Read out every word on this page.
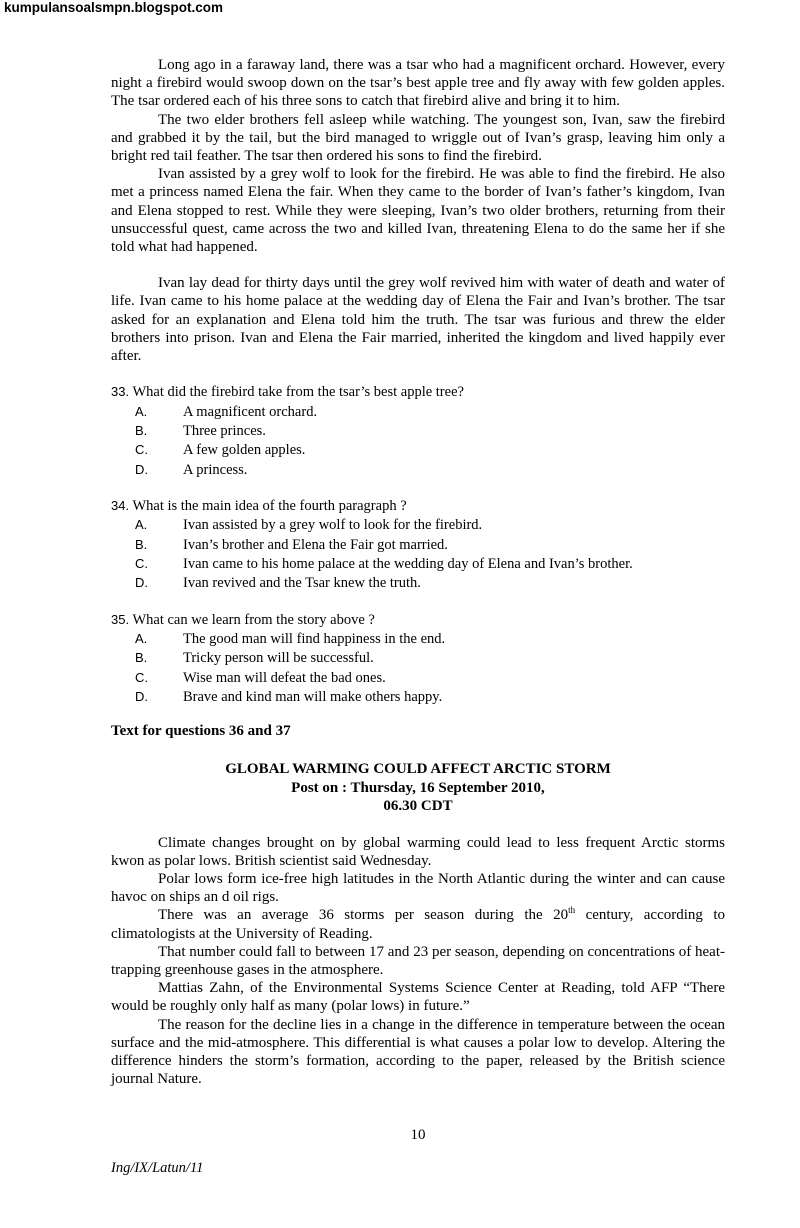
kumpulansoalsmpn.blogspot.com

Long ago in a faraway land, there was a tsar who had a magnificent orchard. However, every night a firebird would swoop down on the tsar’s best apple tree and fly away with few golden apples. The tsar ordered each of his three sons to catch that firebird alive and bring it to him.

The two elder brothers fell asleep while watching. The youngest son, Ivan, saw the firebird and grabbed it by the tail, but the bird managed to wriggle out of Ivan’s grasp, leaving him only a bright red tail feather. The tsar then ordered his sons to find the firebird.

Ivan assisted by a grey wolf to look for the firebird. He was able to find the firebird. He also met a princess named Elena the fair. When they came to the border of Ivan’s father’s kingdom, Ivan and Elena stopped to rest. While they were sleeping, Ivan’s two older brothers, returning from their unsuccessful quest, came across the two and killed Ivan, threatening Elena to do the same her if she told what had happened.

Ivan lay dead for thirty days until the grey wolf revived him with water of death and water of life. Ivan came to his home palace at the wedding day of Elena the Fair and Ivan’s brother. The tsar asked for an explanation and Elena told him the truth. The tsar was furious and threw the elder brothers into prison. Ivan and Elena the Fair married, inherited the kingdom and lived happily ever after.

33. What did the firebird take from the tsar’s best apple tree?
A. A magnificent orchard.
B. Three princes.
C. A few golden apples.
D. A princess.
34. What is the main idea of the fourth paragraph ?
A. Ivan assisted by a grey wolf to look for the firebird.
B. Ivan’s brother and Elena the Fair got married.
C. Ivan came to his home palace at the wedding day of Elena and Ivan’s brother.
D. Ivan revived and the Tsar knew the truth.
35. What can we learn from the story above ?
A. The good man will find happiness in the end.
B. Tricky person will be successful.
C. Wise man will defeat the bad ones.
D. Brave and kind man will make others happy.
Text for questions 36 and 37
GLOBAL WARMING COULD AFFECT ARCTIC STORM
Post on : Thursday, 16 September 2010,
06.30 CDT

Climate changes brought on by global warming could lead to less frequent Arctic storms kwon as polar lows. British scientist said Wednesday.

Polar lows form ice-free high latitudes in the North Atlantic during the winter and can cause havoc on ships an d oil rigs.

There was an average 36 storms per season during the 20th century, according to climatologists at the University of Reading.

That number could fall to between 17 and 23 per season, depending on concentrations of heat-trapping greenhouse gases in the atmosphere.

Mattias Zahn, of the Environmental Systems Science Center at Reading, told AFP “There would be roughly only half as many (polar lows) in future.”

The reason for the decline lies in a change in the difference in temperature between the ocean surface and the mid-atmosphere. This differential is what causes a polar low to develop. Altering the difference hinders the storm’s formation, according to the paper, released by the British science journal Nature.

10
Ing/IX/Latun/11
